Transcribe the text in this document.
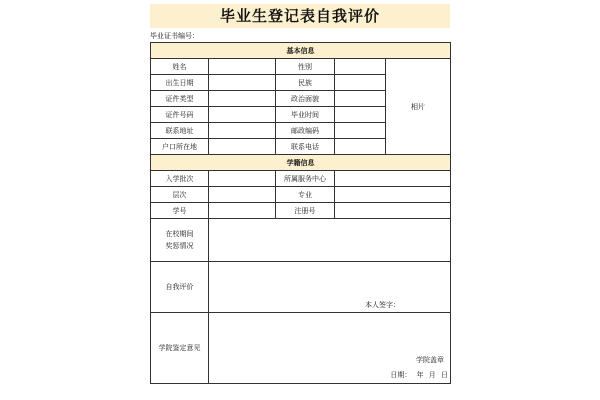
毕业生登记表自我评价
毕业证书编号：
基本信息				
姓名		性别		相片
出生日期		民族		
证件类型		政治面貌		
证件号码		毕业时间		
联系地址		邮政编码		
户口所在地		联系电话		
学籍信息				
入学批次		所属服务中心		
层次		专业		
学号		注册号		

在校期间
奖惩情况				

自我评价	本人签字：			

学院鉴定意见	学院盖章
日期： 年 月 日			
